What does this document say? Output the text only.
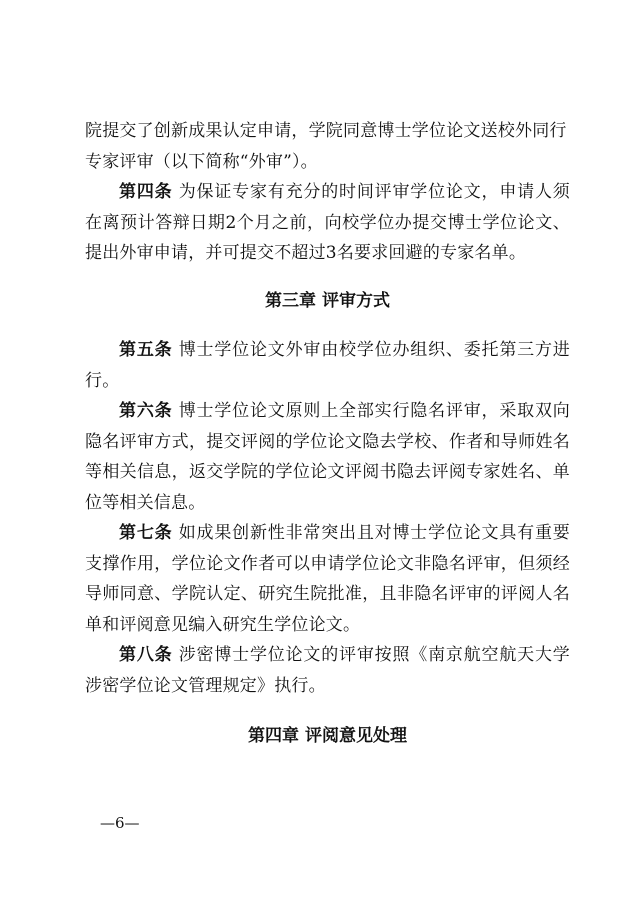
院提交了创新成果认定申请，学院同意博士学位论文送校外同行

专家评审（以下简称“外审”）。

第四条 为保证专家有充分的时间评审学位论文，申请人须在离预计答辩日期2个月之前，向校学位办提交博士学位论文、提出外审申请，并可提交不超过3名要求回避的专家名单。

第三章 评审方式

第五条 博士学位论文外审由校学位办组织、委托第三方进行。

第六条 博士学位论文原则上全部实行隐名评审，采取双向隐名评审方式，提交评阅的学位论文隐去学校、作者和导师姓名等相关信息，返交学院的学位论文评阅书隐去评阅专家姓名、单位等相关信息。

第七条 如成果创新性非常突出且对博士学位论文具有重要支撑作用，学位论文作者可以申请学位论文非隐名评审，但须经导师同意、学院认定、研究生院批准，且非隐名评审的评阅人名单和评阅意见编入研究生学位论文。

第八条 涉密博士学位论文的评审按照《南京航空航天大学涉密学位论文管理规定》执行。

第四章 评阅意见处理

—6—
